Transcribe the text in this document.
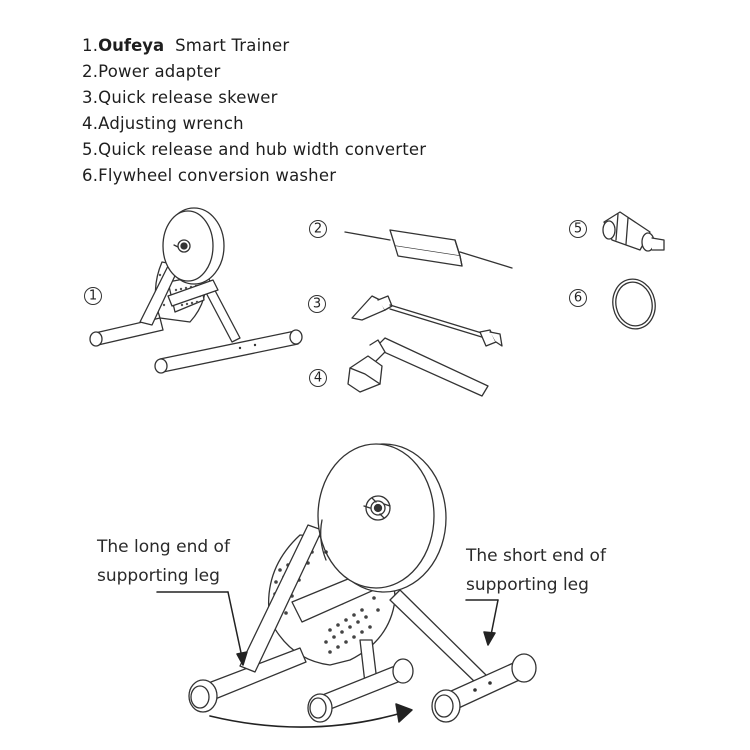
1.Oufeya Smart Trainer
2.Power adapter
3.Quick release skewer
4.Adjusting wrench
5.Quick release and hub width converter
6.Flywheel conversion washer
1
2
3
4
5
6
The long end of
supporting leg
The short end of
supporting leg
